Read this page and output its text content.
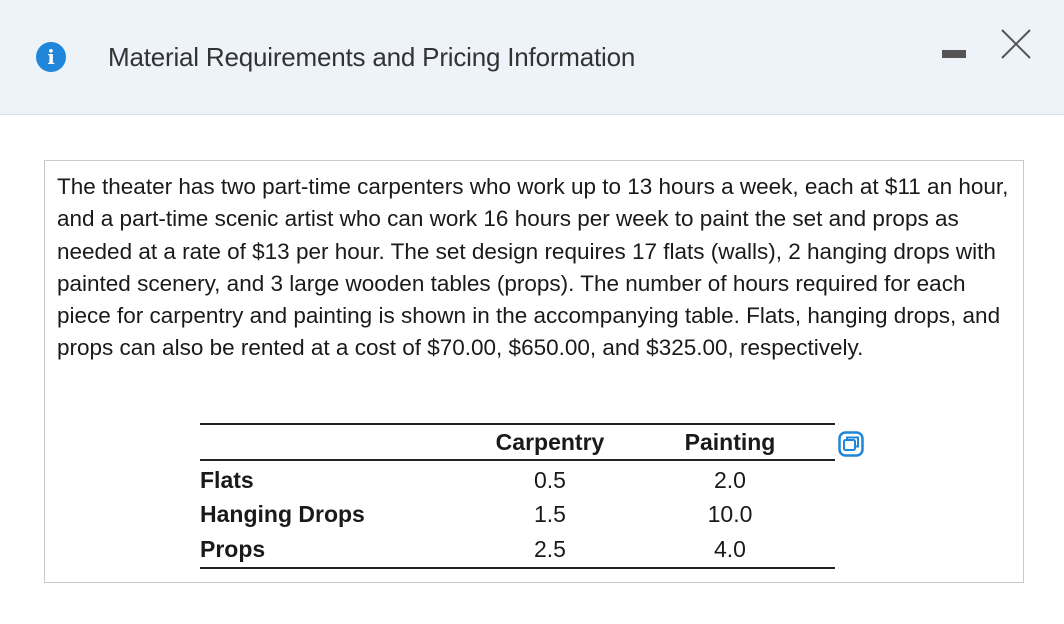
i	Material Requirements and Pricing Information

The theater has two part-time carpenters who work up to 13 hours a week, each at $11 an hour, and a part-time scenic artist who can work 16 hours per week to paint the set and props as needed at a rate of $13 per hour. The set design requires 17 flats (walls), 2 hanging drops with painted scenery, and 3 large wooden tables (props). The number of hours required for each piece for carpentry and painting is shown in the accompanying table. Flats, hanging drops, and props can also be rented at a cost of $70.00, $650.00, and $325.00, respectively.

	Carpentry	Painting
Flats	0.5	2.0
Hanging Drops	1.5	10.0
Props	2.5	4.0
